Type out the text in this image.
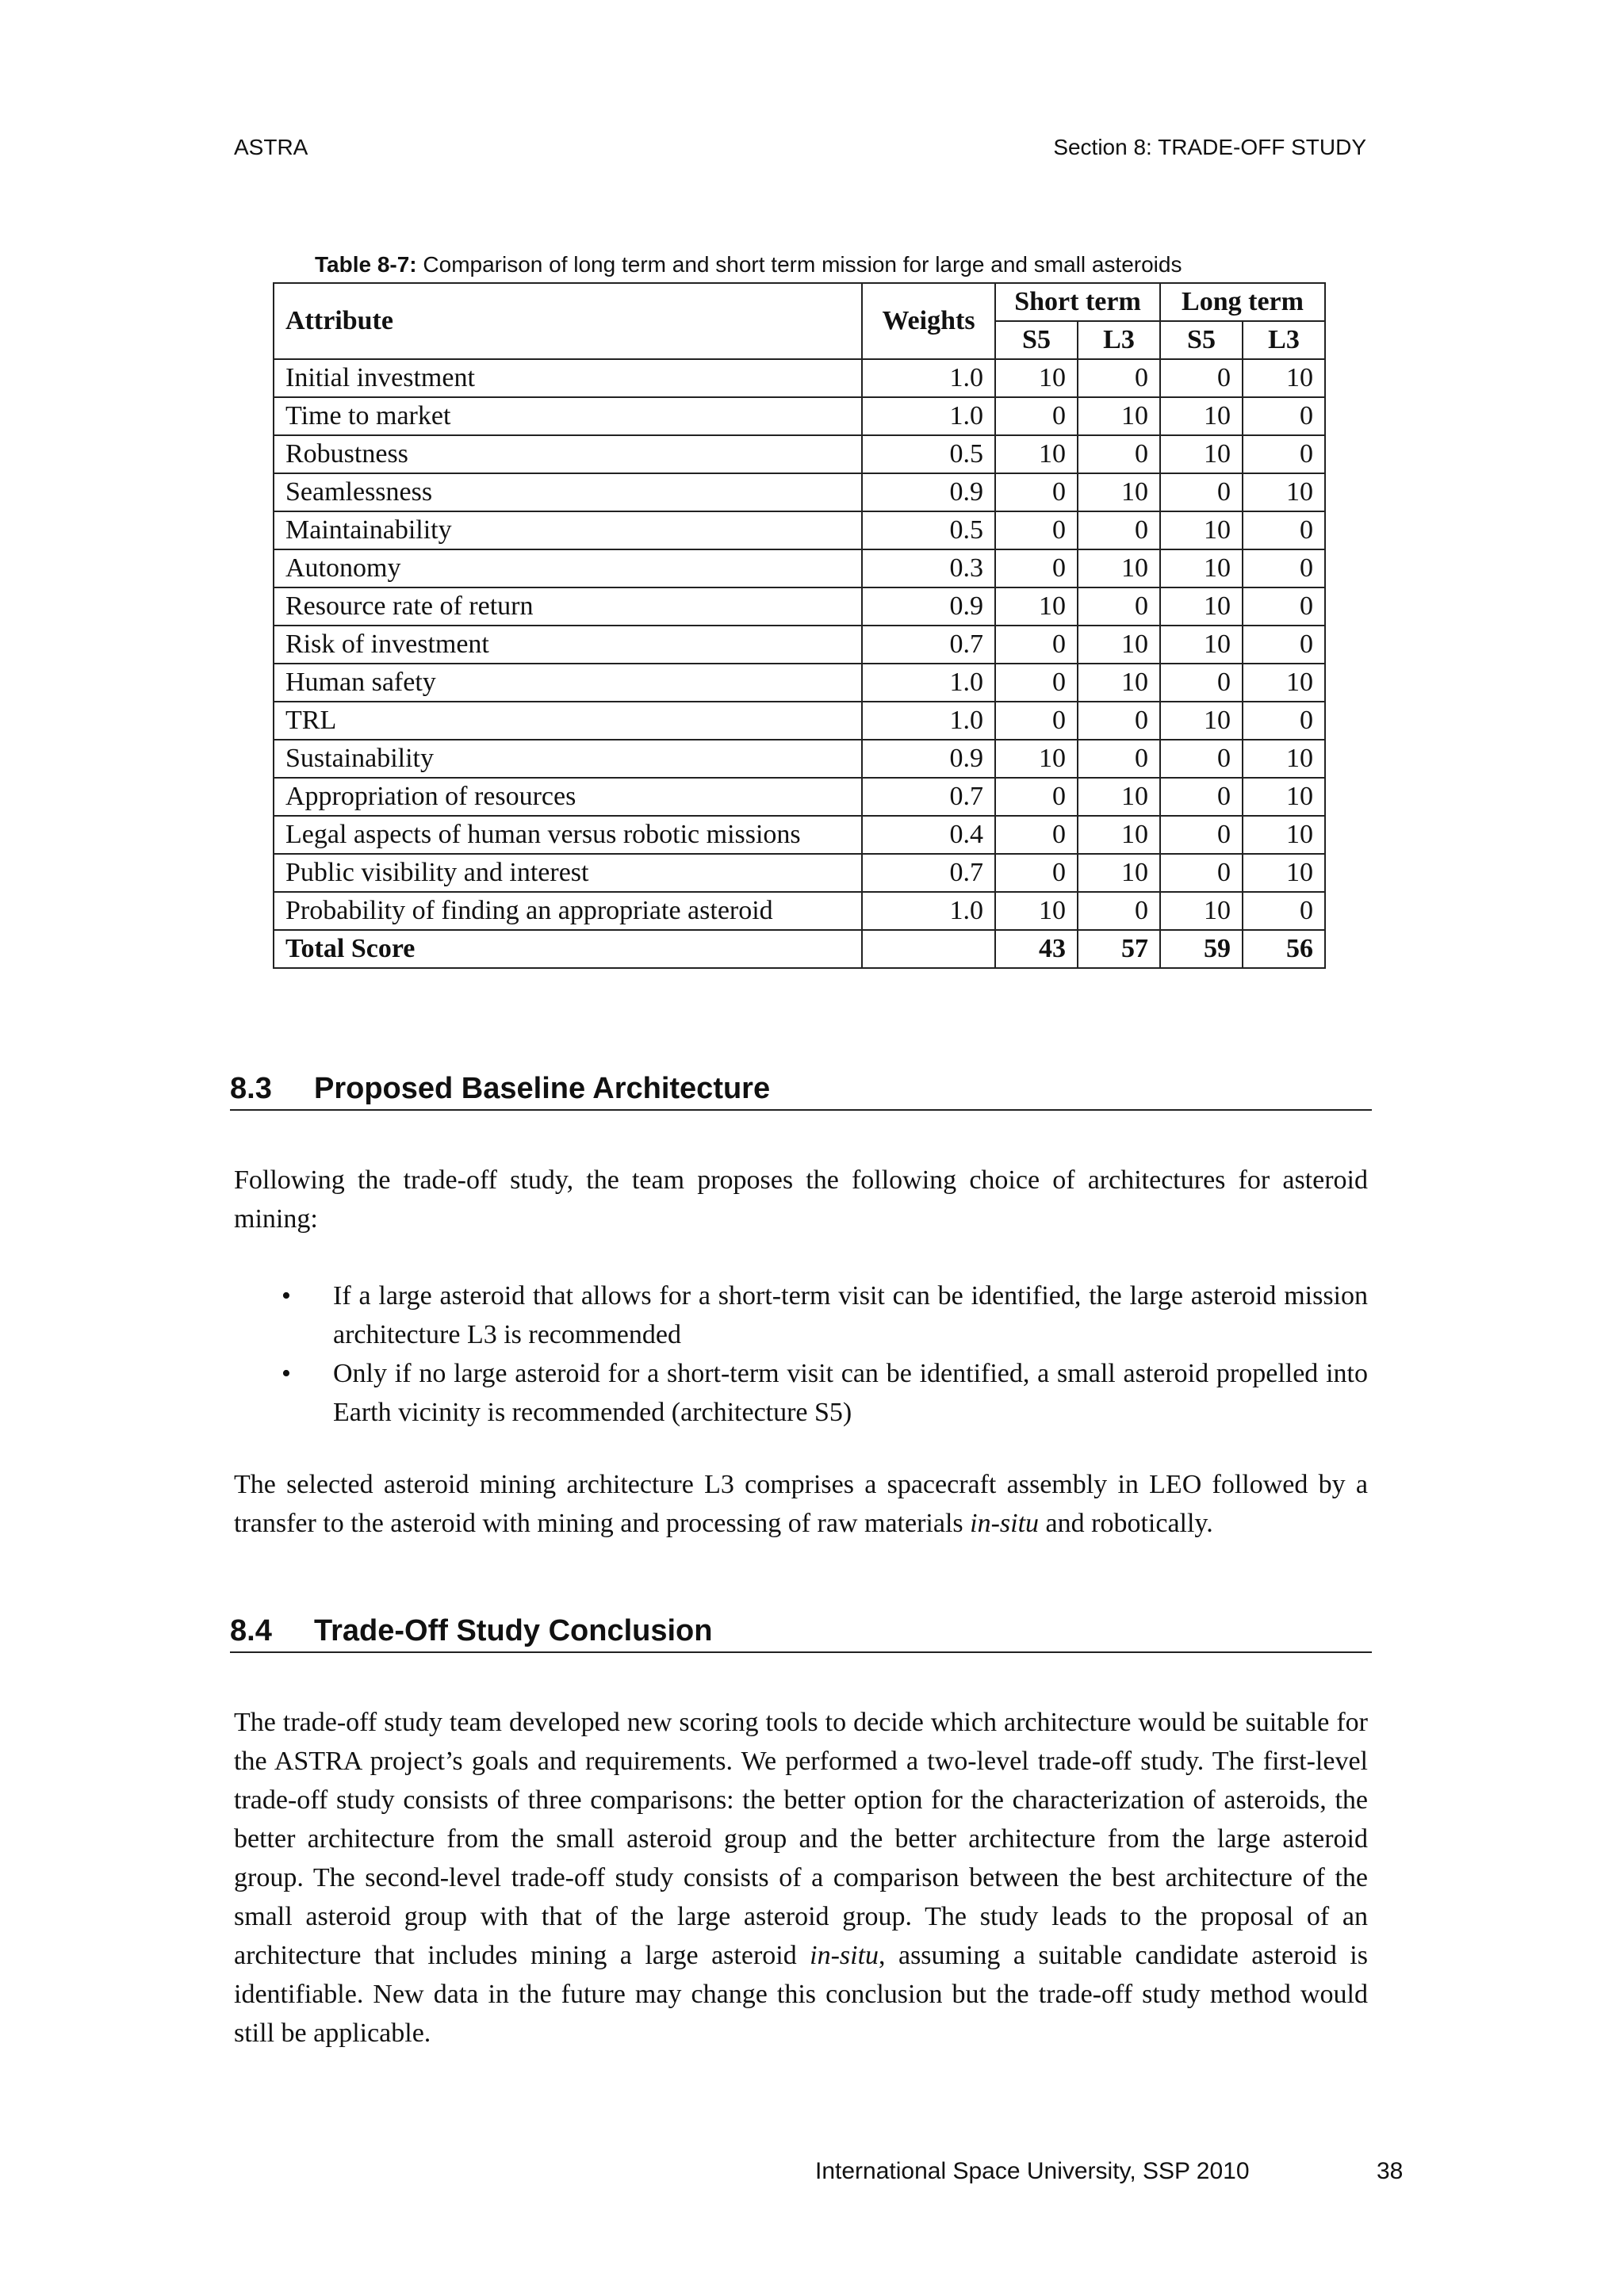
ASTRA	Section 8: TRADE-OFF STUDY
Table 8-7: Comparison of long term and short term mission for large and small asteroids
Attribute	Weights	Short term		Long term	
		S5	L3	S5	L3
Initial investment	1.0	10	0	0	10
Time to market	1.0	0	10	10	0
Robustness	0.5	10	0	10	0
Seamlessness	0.9	0	10	0	10
Maintainability	0.5	0	0	10	0
Autonomy	0.3	0	10	10	0
Resource rate of return	0.9	10	0	10	0
Risk of investment	0.7	0	10	10	0
Human safety	1.0	0	10	0	10
TRL	1.0	0	0	10	0
Sustainability	0.9	10	0	0	10
Appropriation of resources	0.7	0	10	0	10
Legal aspects of human versus robotic missions	0.4	0	10	0	10
Public visibility and interest	0.7	0	10	0	10
Probability of finding an appropriate asteroid	1.0	10	0	10	0
Total Score		43	57	59	56
8.3 Proposed Baseline Architecture
Following the trade-off study, the team proposes the following choice of architectures for asteroid mining:
• If a large asteroid that allows for a short-term visit can be identified, the large asteroid mission architecture L3 is recommended
• Only if no large asteroid for a short-term visit can be identified, a small asteroid propelled into Earth vicinity is recommended (architecture S5)
The selected asteroid mining architecture L3 comprises a spacecraft assembly in LEO followed by a transfer to the asteroid with mining and processing of raw materials in-situ and robotically.
8.4 Trade-Off Study Conclusion
The trade-off study team developed new scoring tools to decide which architecture would be suitable for the ASTRA project’s goals and requirements. We performed a two-level trade-off study. The first-level trade-off study consists of three comparisons: the better option for the characterization of asteroids, the better architecture from the small asteroid group and the better architecture from the large asteroid group. The second-level trade-off study consists of a comparison between the best architecture of the small asteroid group with that of the large asteroid group. The study leads to the proposal of an architecture that includes mining a large asteroid in-situ, assuming a suitable candidate asteroid is identifiable. New data in the future may change this conclusion but the trade-off study method would still be applicable.
International Space University, SSP 2010	38
